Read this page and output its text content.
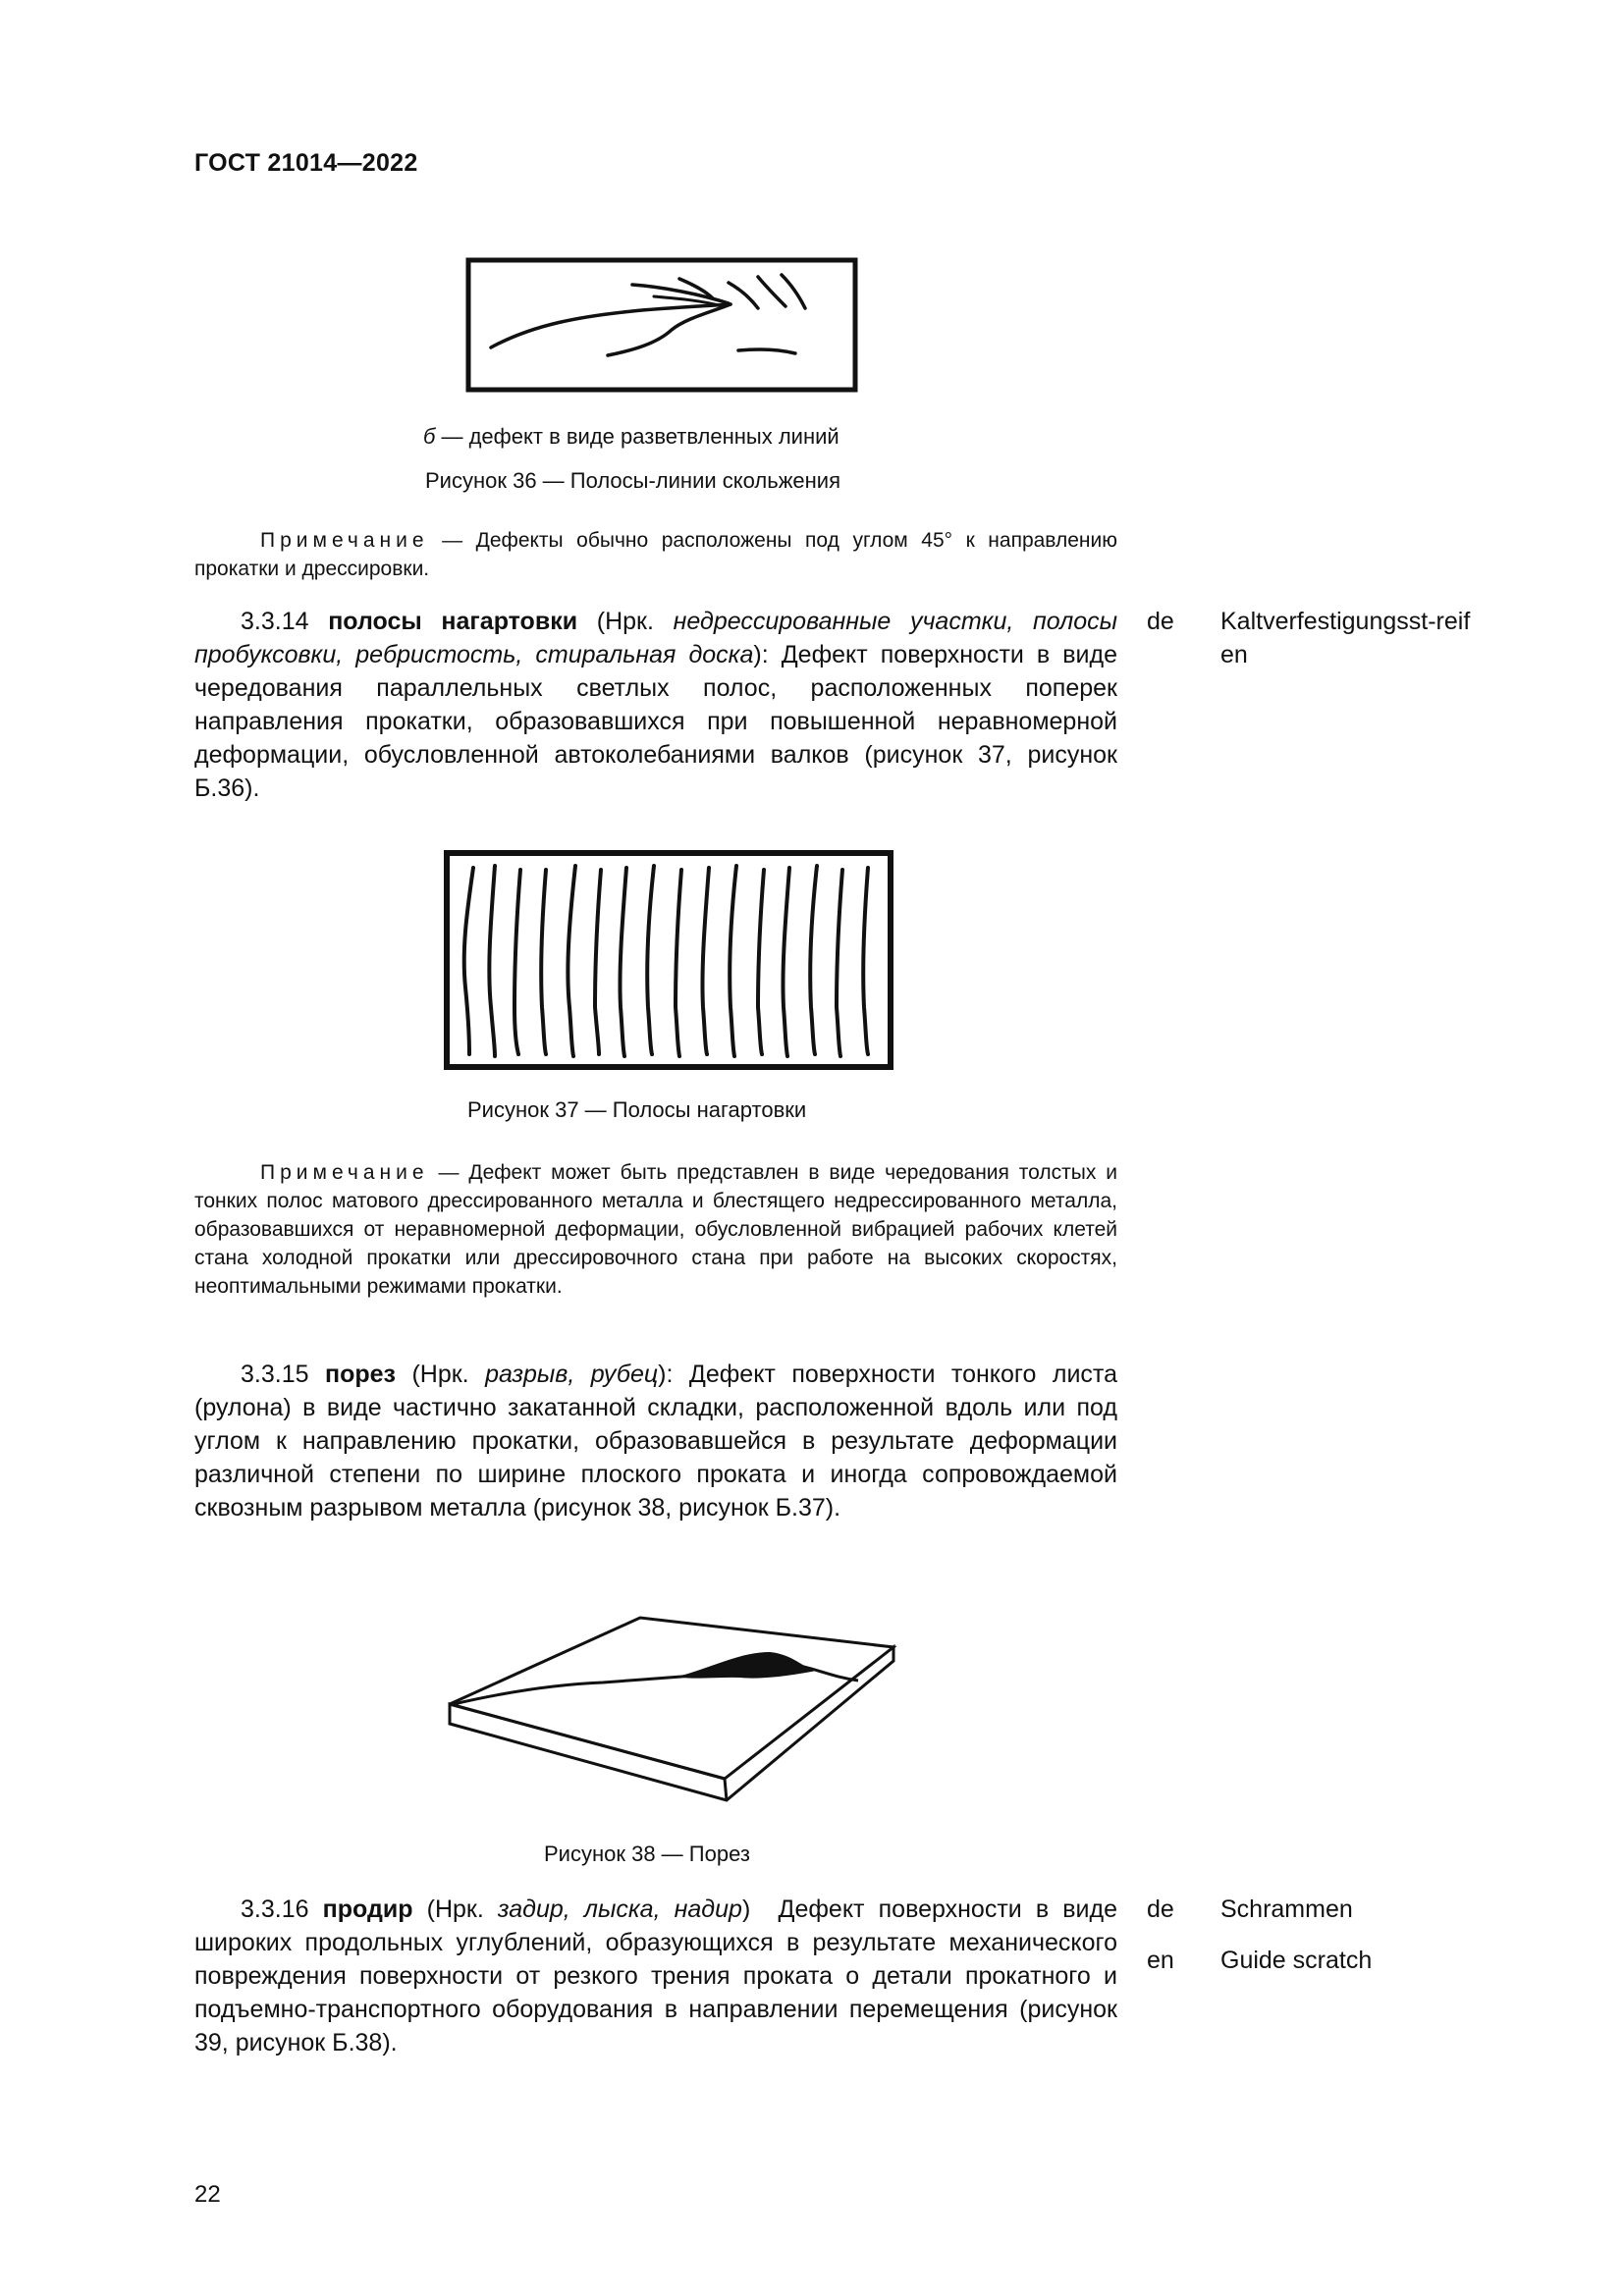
ГОСТ 21014—2022
б — дефект в виде разветвленных линий
Рисунок 36 — Полосы-линии скольжения
Примечание — Дефекты обычно расположены под углом 45° к направлению прокатки и дрессировки.
3.3.14 полосы нагартовки (Нрк. недрессированные участки, полосы пробуксовки, ребристость, стиральная доска): Дефект поверхности в виде чередования параллельных светлых полос, расположенных поперек направления прокатки, образовавшихся при повышенной неравномерной деформации, обусловленной автоколебаниями валков (рисунок 37, рисунок Б.36).
de Kaltverfestigungsst-reifen
Рисунок 37 — Полосы нагартовки
Примечание — Дефект может быть представлен в виде чередования толстых и тонких полос матового дрессированного металла и блестящего недрессированного металла, образовавшихся от неравномерной деформации, обусловленной вибрацией рабочих клетей стана холодной прокатки или дрессировочного стана при работе на высоких скоростях, неоптимальными режимами прокатки.
3.3.15 порез (Нрк. разрыв, рубец): Дефект поверхности тонкого листа (рулона) в виде частично закатанной складки, расположенной вдоль или под углом к направлению прокатки, образовавшейся в результате деформации различной степени по ширине плоского проката и иногда сопровождаемой сквозным разрывом металла (рисунок 38, рисунок Б.37).
Рисунок 38 — Порез
3.3.16 продир (Нрк. задир, лыска, надир)  Дефект поверхности в виде широких продольных углублений, образующихся в результате механического повреждения поверхности от резкого трения проката о детали прокатного и подъемно-транспортного оборудования в направлении перемещения (рисунок 39, рисунок Б.38).
de Schrammen
en Guide scratch
22
